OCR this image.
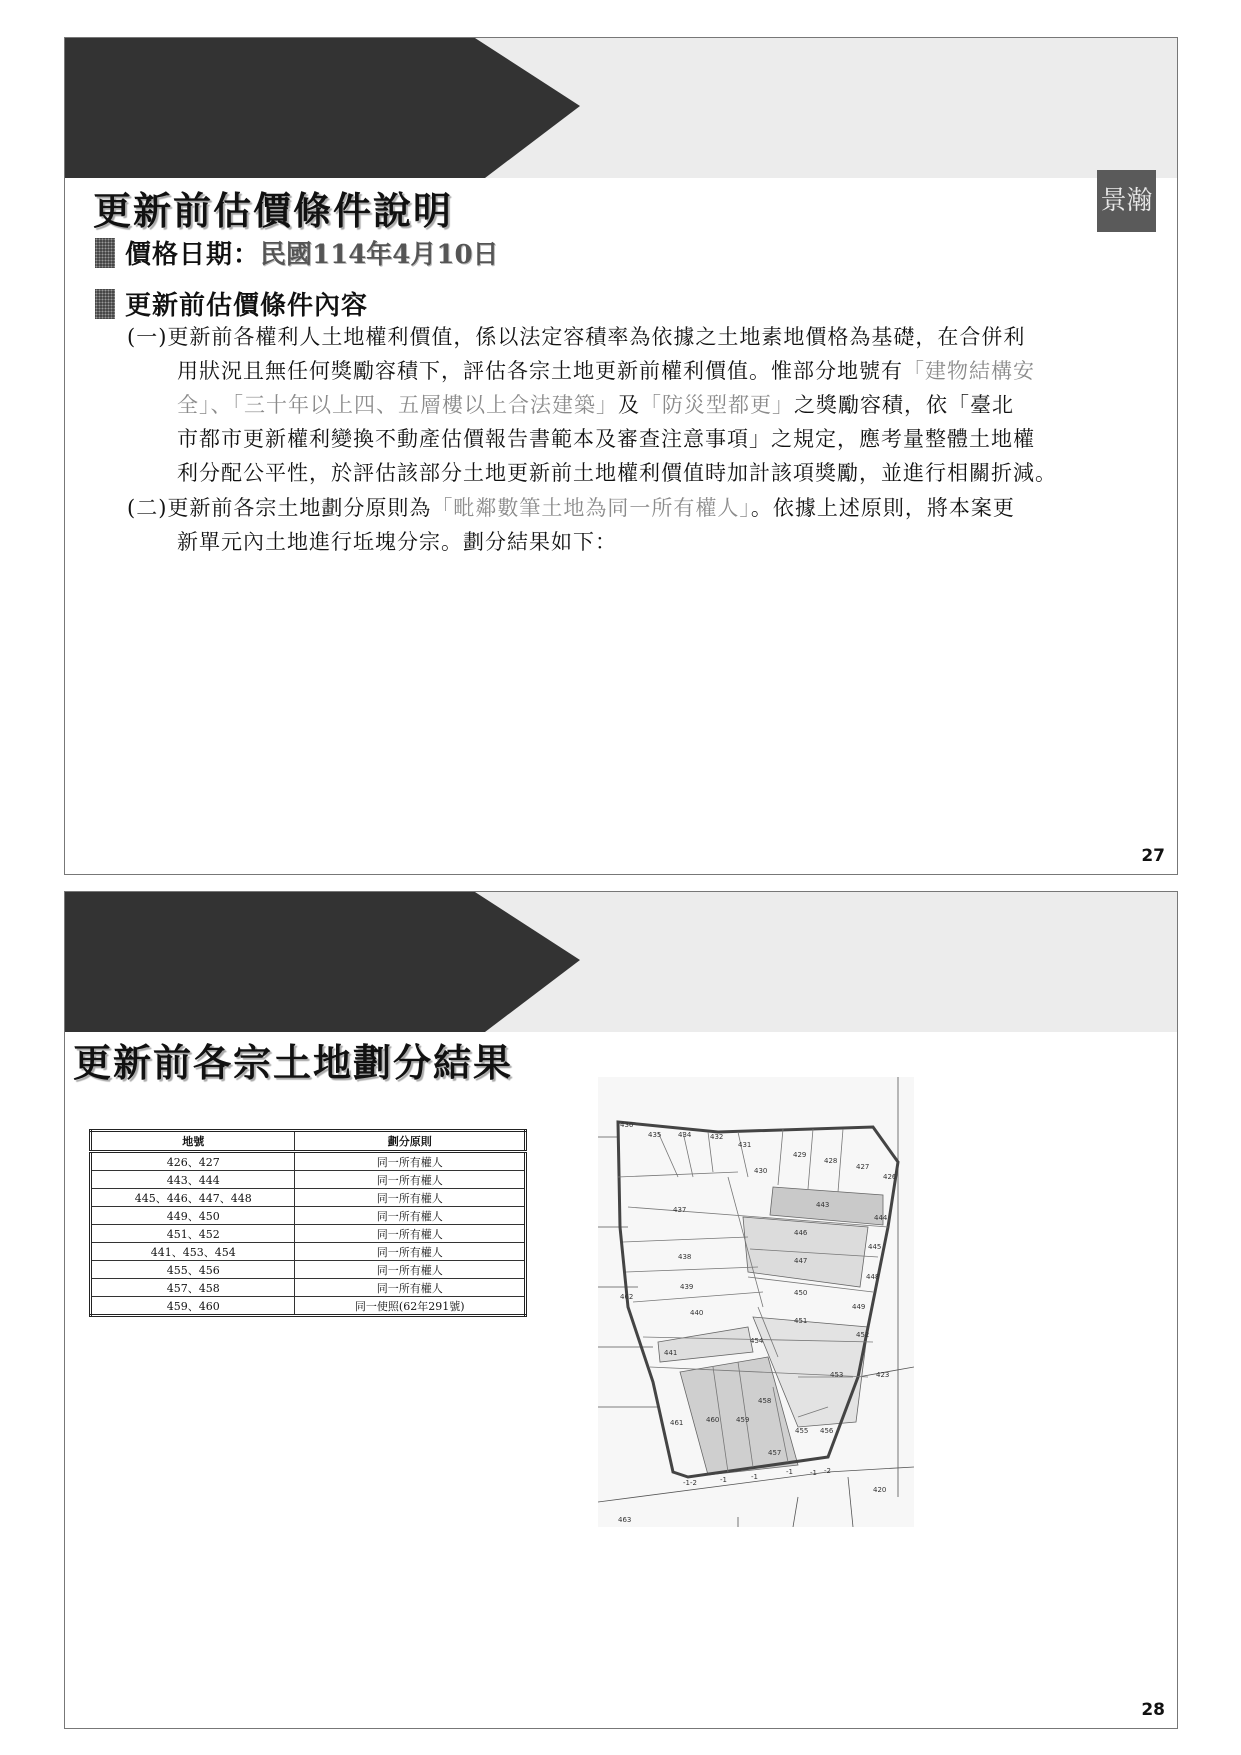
更新前估價條件說明	景瀚
價格日期： 民國114年4月10日
更新前估價條件內容
(一)更新前各權利人土地權利價值，係以法定容積率為依據之土地素地價格為基礎，在合併利
用狀況且無任何獎勵容積下，評估各宗土地更新前權利價值。惟部分地號有「建物結構安
全」、「三十年以上四、五層樓以上合法建築」及「防災型都更」之獎勵容積，依「臺北
市都市更新權利變換不動產估價報告書範本及審查注意事項」之規定，應考量整體土地權
利分配公平性，於評估該部分土地更新前土地權利價值時加計該項獎勵，並進行相關折減。
(二)更新前各宗土地劃分原則為「毗鄰數筆土地為同一所有權人」。依據上述原則，將本案更
新單元內土地進行坵塊分宗。劃分結果如下：
27
更新前各宗土地劃分結果
地號	劃分原則
426、427	同一所有權人
443、444	同一所有權人
445、446、447、448	同一所有權人
449、450	同一所有權人
451、452	同一所有權人
441、453、454	同一所有權人
455、456	同一所有權人
457、458	同一所有權人
459、460	同一使照(62年291號)
436
435 434	432
431
429
428
427
426
430
443
444
437
446
445
447
438
448
439
450
449
440
451
452
454
441
453	423
458
461	460 459
455 456
457
462
463
420
-1	-1
-1 -1 -2
-1-2
28
